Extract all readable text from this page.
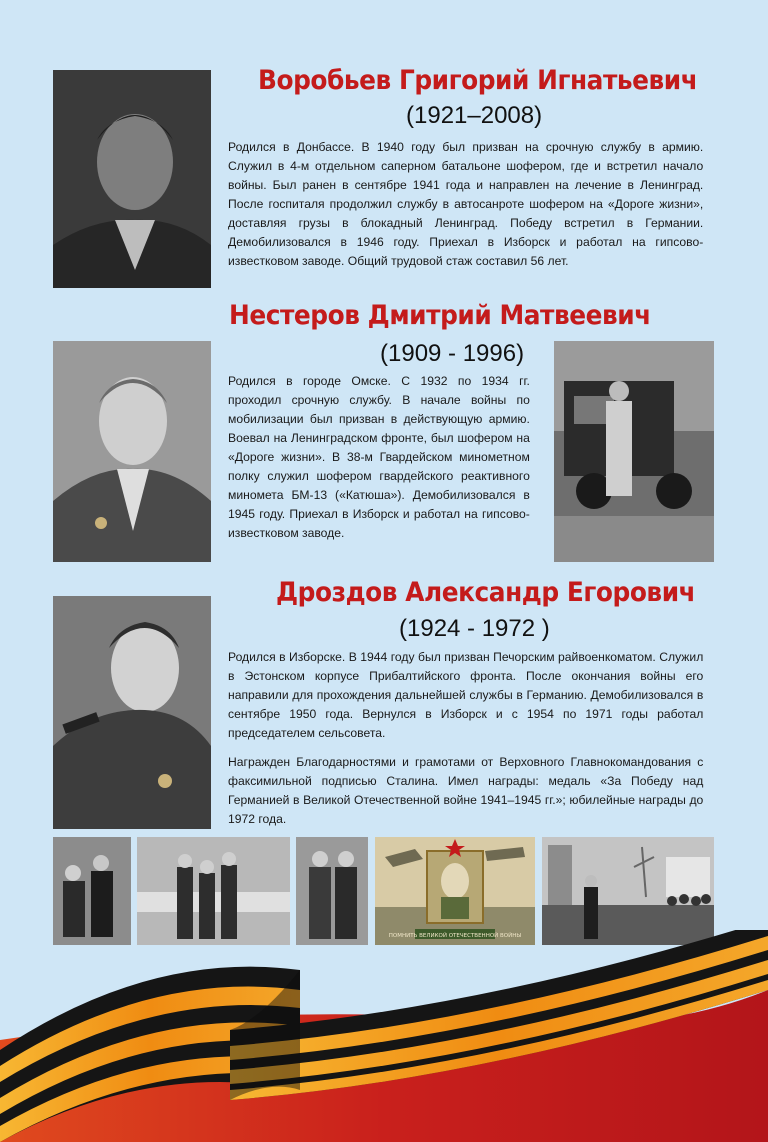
Воробьев Григорий Игнатьевич
(1921–2008)

Родился в Донбассе. В 1940 году был призван на срочную службу в армию. Служил в 4-м отдельном саперном батальоне шофером, где и встретил начало войны. Был ранен в сентябре 1941 года и направлен на лечение в Ленинград. После госпиталя продолжил службу в автосанроте шофером на «Дороге жизни», доставляя грузы в блокадный Ленинград. Победу встретил в Германии. Демобилизовался в 1946 году. Приехал в Изборск и работал на гипсово-известковом заводе. Общий трудовой стаж составил 56 лет.

Нестеров Дмитрий Матвеевич
(1909 - 1996)

Родился в городе Омске. С 1932 по 1934 гг. проходил срочную службу. В начале войны по мобилизации был призван в действующую армию. Воевал на Ленинградском фронте, был шофером на «Дороге жизни». В 38-м Гвардейском минометном полку служил шофером гвардейского реактивного миномета БМ-13 («Катюша»). Демобилизовался в 1945 году. Приехал в Изборск и работал на гипсово-известковом заводе.

Дроздов Александр Егорович
(1924 - 1972 )

Родился в Изборске. В 1944 году был призван Печорским райвоенкоматом. Служил в Эстонском корпусе Прибалтийского фронта. После окончания войны его направили для прохождения дальнейшей службы в Германию. Демобилизовался в сентябре 1950 года. Вернулся в Изборск и с 1954 по 1971 годы работал председателем сельсовета.

Награжден Благодарностями и грамотами от Верховного Главнокомандования с факсимильной подписью Сталина. Имел награды: медаль «За Победу над Германией в Великой Отечественной войне 1941–1945 гг.»; юбилейные награды до 1972 года.

ПОМНИТЬ ВЕЛИКОЙ ОТЕЧЕСТВЕННОЙ ВОЙНЫ
